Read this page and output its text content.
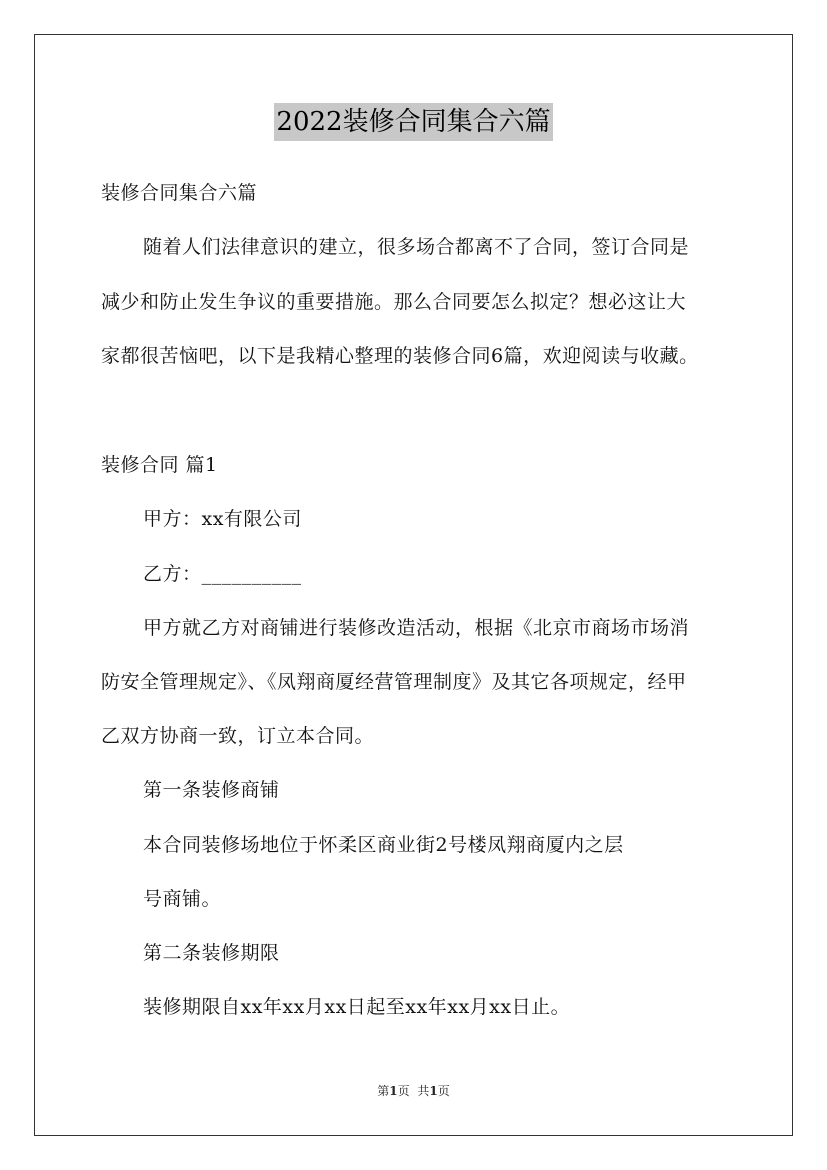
2022装修合同集合六篇
装修合同集合六篇
随着人们法律意识的建立，很多场合都离不了合同，签订合同是
减少和防止发生争议的重要措施。那么合同要怎么拟定？想必这让大
家都很苦恼吧，以下是我精心整理的装修合同6篇，欢迎阅读与收藏。
装修合同 篇1
甲方：xx有限公司
乙方：__________
甲方就乙方对商铺进行装修改造活动，根据《北京市商场市场消
防安全管理规定》、《凤翔商厦经营管理制度》及其它各项规定，经甲
乙双方协商一致，订立本合同。
第一条装修商铺
本合同装修场地位于怀柔区商业街2号楼凤翔商厦内之层
号商铺。
第二条装修期限
装修期限自xx年xx月xx日起至xx年xx月xx日止。
第1页 共1页
